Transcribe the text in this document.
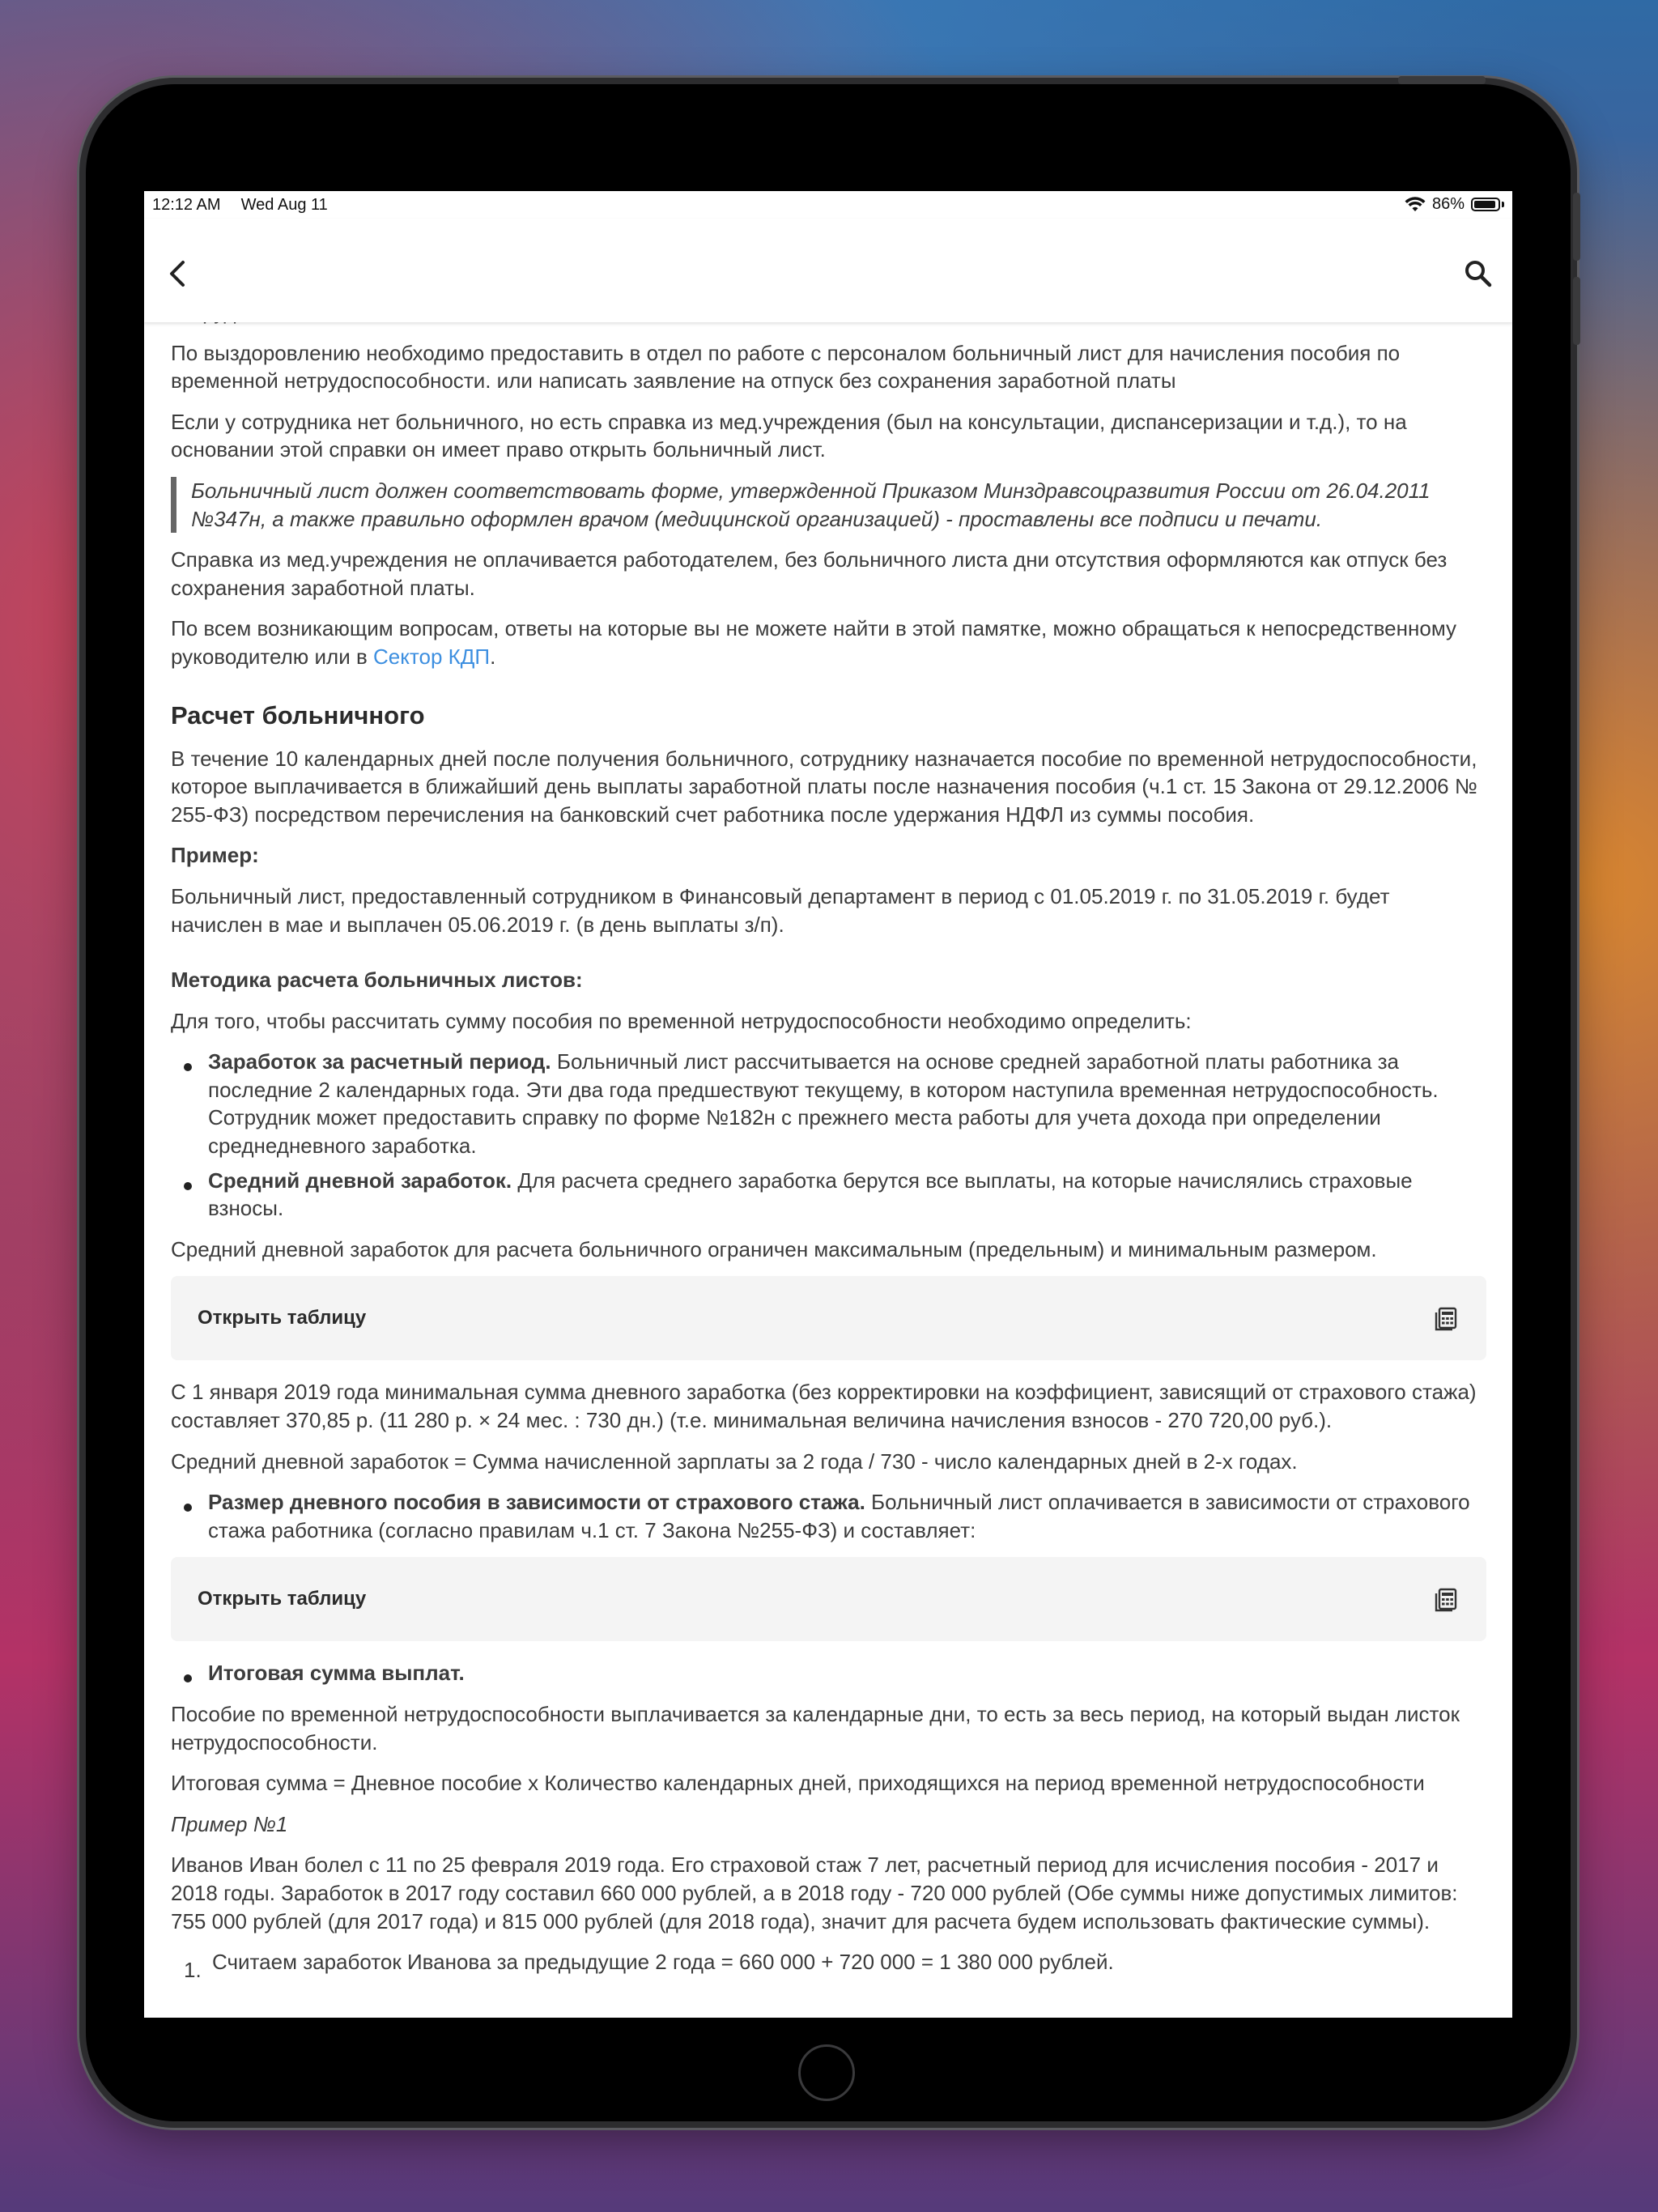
12:12 AM Wed Aug 11	86%

По выздоровлению необходимо предоставить в отдел по работе с персоналом больничный лист для начисления пособия по временной нетрудоспособности. или написать заявление на отпуск без сохранения заработной платы

Если у сотрудника нет больничного, но есть справка из мед.учреждения (был на консультации, диспансеризации и т.д.), то на основании этой справки он имеет право открыть больничный лист.

Больничный лист должен соответствовать форме, утвержденной Приказом Минздравсоцразвития России от 26.04.2011 №347н, а также правильно оформлен врачом (медицинской организацией) - проставлены все подписи и печати.

Справка из мед.учреждения не оплачивается работодателем, без больничного листа дни отсутствия оформляются как отпуск без сохранения заработной платы.

По всем возникающим вопросам, ответы на которые вы не можете найти в этой памятке, можно обращаться к непосредственному руководителю или в Сектор КДП.

Расчет больничного

В течение 10 календарных дней после получения больничного, сотруднику назначается пособие по временной нетрудоспособности, которое выплачивается в ближайший день выплаты заработной платы после назначения пособия (ч.1 ст. 15 Закона от 29.12.2006 № 255-ФЗ) посредством перечисления на банковский счет работника после удержания НДФЛ из суммы пособия.

Пример:

Больничный лист, предоставленный сотрудником в Финансовый департамент в период с 01.05.2019 г. по 31.05.2019 г. будет начислен в мае и выплачен 05.06.2019 г. (в день выплаты з/п).

Методика расчета больничных листов:

Для того, чтобы рассчитать сумму пособия по временной нетрудоспособности необходимо определить:

Заработок за расчетный период. Больничный лист рассчитывается на основе средней заработной платы работника за последние 2 календарных года. Эти два года предшествуют текущему, в котором наступила временная нетрудоспособность. Сотрудник может предоставить справку по форме №182н с прежнего места работы для учета дохода при определении среднедневного заработка.
Средний дневной заработок. Для расчета среднего заработка берутся все выплаты, на которые начислялись страховые взносы.

Средний дневной заработок для расчета больничного ограничен максимальным (предельным) и минимальным размером.

Открыть таблицу

С 1 января 2019 года минимальная сумма дневного заработка (без корректировки на коэффициент, зависящий от страхового стажа) составляет 370,85 р. (11 280 р. × 24 мес. : 730 дн.) (т.е. минимальная величина начисления взносов - 270 720,00 руб.).

Средний дневной заработок = Сумма начисленной зарплаты за 2 года / 730 - число календарных дней в 2-х годах.

Размер дневного пособия в зависимости от страхового стажа. Больничный лист оплачивается в зависимости от страхового стажа работника (согласно правилам ч.1 ст. 7 Закона №255-ФЗ) и составляет:
Открыть таблицу
Итоговая сумма выплат.

Пособие по временной нетрудоспособности выплачивается за календарные дни, то есть за весь период, на который выдан листок нетрудоспособности.

Итоговая сумма = Дневное пособие х Количество календарных дней, приходящихся на период временной нетрудоспособности

Пример №1

Иванов Иван болел с 11 по 25 февраля 2019 года. Его страховой стаж 7 лет, расчетный период для исчисления пособия - 2017 и 2018 годы. Заработок в 2017 году составил 660 000 рублей, а в 2018 году - 720 000 рублей (Обе суммы ниже допустимых лимитов: 755 000 рублей (для 2017 года) и 815 000 рублей (для 2018 года), значит для расчета будем использовать фактические суммы).

1. Считаем заработок Иванова за предыдущие 2 года = 660 000 + 720 000 = 1 380 000 рублей.
